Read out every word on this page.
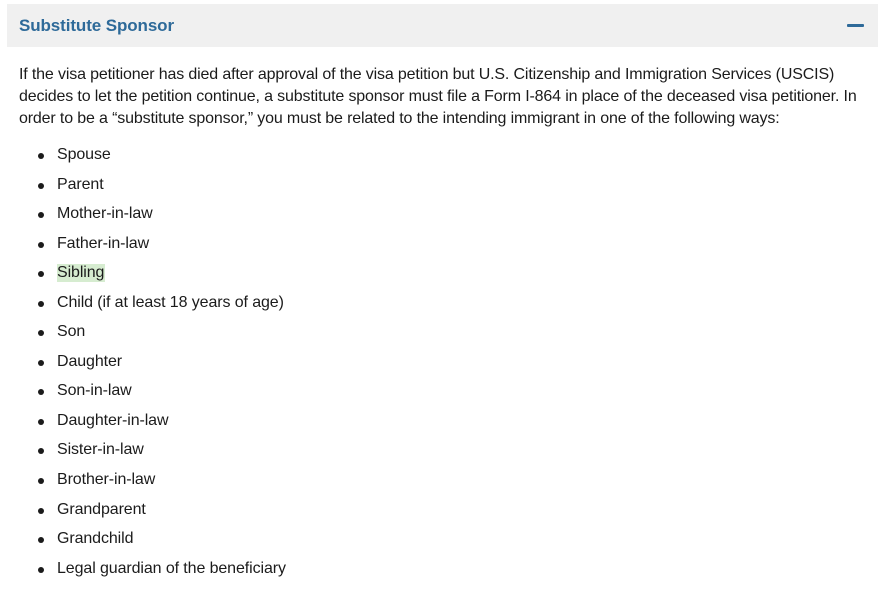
Substitute Sponsor

If the visa petitioner has died after approval of the visa petition but U.S. Citizenship and Immigration Services (USCIS) decides to let the petition continue, a substitute sponsor must file a Form I-864 in place of the deceased visa petitioner. In order to be a “substitute sponsor,” you must be related to the intending immigrant in one of the following ways:

Spouse
Parent
Mother-in-law
Father-in-law
Sibling
Child (if at least 18 years of age)
Son
Daughter
Son-in-law
Daughter-in-law
Sister-in-law
Brother-in-law
Grandparent
Grandchild
Legal guardian of the beneficiary
